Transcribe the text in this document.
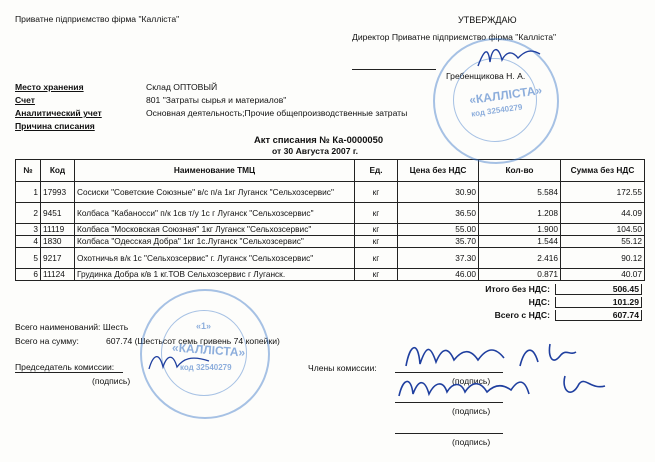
Приватне підприємство фірма "Калліста"	УТВЕРЖДАЮ
Директор Приватне підприємство фірма "Калліста"
Гребенщикова Н. А.
Место хранения	Склад ОПТОВЫЙ
Счет	801 "Затраты сырья и материалов"
Аналитический учет	Основная деятельность;Прочие общепроизводственные затраты
Причина списания
Акт списания № Ка-0000050
от 30 Августа 2007 г.
№	Код	Наименование ТМЦ	Ед.	Цена без НДС	Кол-во	Сумма без НДС
1	17993	Сосиски "Советские Союзные" в/с п/а 1кг Луганск "Сельхозсервис"	кг	30.90	5.584	172.55
2	9451	Колбаса "Кабаносси" п/к 1св т/у 1с г Луганск "Сельхозсервис"	кг	36.50	1.208	44.09
3	11119	Колбаса "Московская Союзная" 1кг Луганск "Сельхозсервис"	кг	55.00	1.900	104.50
4	1830	Колбаса "Одесская Добра" 1кг 1с.Луганск "Сельхозсервис"	кг	35.70	1.544	55.12
5	9217	Охотничья в/к 1с "Сельхозсервис" г. Луганск "Сельхозсервис"	кг	37.30	2.416	90.12
6	11124	Грудинка Добра к/в 1 кг.ТОВ Сельхозсервис г Луганск.	кг	46.00	0.871	40.07
Итого без НДС:	506.45
НДС:	101.29
Всего с НДС:	607.74
Всего наименований: Шесть
Всего на сумму:	607.74 (Шестьсот семь гривень 74 копейки)
Председатель комиссии:
(подпись)
Члены комиссии:
(подпись)
(подпись)
(подпись)
«КАЛЛІСТА»
код 32540279
«1»
«КАЛЛІСТА»
код 32540279
